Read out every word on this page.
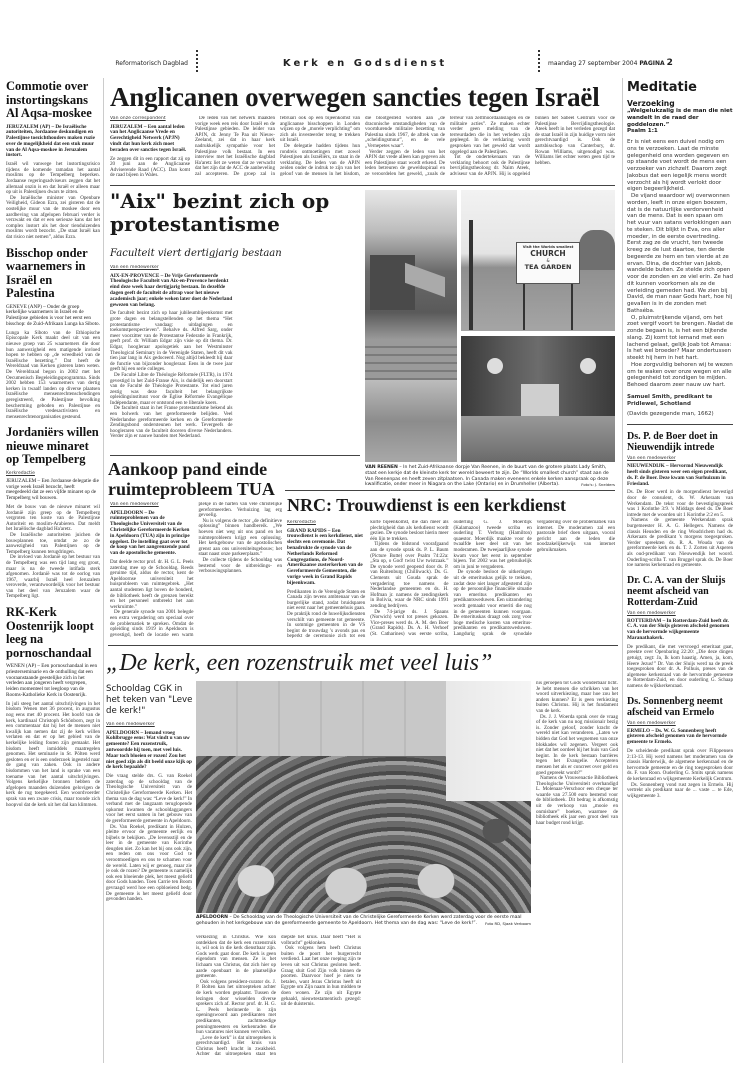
Reformatorisch Dagblad	Kerk en Godsdienst	maandag 27 september 2004
PAGINA
2
Commotie over instortingskans Al Aqsa-moskee
JERUZALEM (AP) – De Israëlische autoriteiten, Jordaanse deskundigen en Palestijnse toezichthouders maken ruzie over de mogelijkheid dat een stuk muur van de Al Aqsa-moskee in Jeruzalem instort.

Israël wil vanwege het instortingsrisico tijdens de komende ramadan het aantal moslims op de Tempelberg beperken. Jordaanse regeringsadviseurs zeggen dat het allemaal onzin is en dat Israël er alleen maar op uit is Palestijnen dwars te zitten.

De Israëlische minister van Openbare Veiligheid, Gideon Ezra, zei gisteren dat de oostelijke muur van de moskee door een aardbeving van afgelopen februari verder is verzwakt en dat er een serieuze kans dat het complex instort als het door tienduizenden moslims wordt bezocht. „De staat Israël kan dat risico niet nemen”, aldus Ezra.

Bisschop onder waarnemers in Israël en Palestina
GENEVE (ANP) – Onder de groep kerkelijke waarnemers in Israël en de Palestijnse gebieden is voor het eerst een bisschop: de Zuid-Afrikaan Lunga ka Siboto.

Lunga ka Siboto van de Ethiopische Episcopale Kerk maakt deel uit van een nieuwe groep van 25 waarnemers die door hun aanwezigheid een matigende invloed hopen te hebben op „de wreedheid van de Israëlische bezetting.” Dat heeft de Wereldraad van Kerken gisteren laten weten. De Wereldraad begon in 2002 met het Oecumenisch Begeleidingsprogramma. Sinds 2002 hebben 153 waarnemers van dertig kerken in twaalf landen op diverse plaatsen Israëlische mensenrechtenschendingen geregistreerd, de Palestijnse bevolking bescherming geboden en Palestijnse en Israëlische vredesactivisten en mensenrechtenorganisaties gesteund.

Jordaniërs willen nieuwe minaret op Tempelberg
Kerkredactie
JERUZALEM – Een Jordaanse delegatie die vorige week Israël bezocht, heeft meegedeeld dat ze een vijfde minaret op de Tempelberg wil bouwen.

Met de bouw van de nieuwe minaret wil Jordanië zijn greep op de Tempelberg vergroten ten koste van de Palestijnse Autoriteit en moslim-Arabieren. Dat meldt het Israëlische dagblad Ha'aretz.

De Israëlische autoriteiten juichen de bouwplannen toe, omdat ze zo de aanwezigheid van Palestijnen op de Tempelberg kunnen terugdringen.

De invloed van Jordanië op het bestuur van de Tempelberg was een tijd lang erg groot, maar is na de tweede intifada sterk afgenomen. Jordanië was tot de oorlog van 1967, waarbij Israël heel Jeruzalem veroverde, verantwoordelijk voor het bestuur van het deel van Jeruzalem waar de Tempelberg ligt.

RK-Kerk Oostenrijk loopt leeg na pornoschandaal
WENEN (AP) – Een pornoschandaal in een priesterseminarie en de onthulling dat een vooraanstaande geestelijke zich in het verleden aan jongeren heeft vergrepen, leiden momenteel tot leegloop van de Rooms-Katholieke Kerk in Oostenrijk.

In juli steeg het aantal uitschrijvingen in het bisdom Wenen met 36 procent, in augustus nog eens met 40 procent. Het hoofd van de kerk, kardinaal Christoph Schönborn, zegt in een commentaar dat hij het de mensen niet kwalijk kan nemen dat zij de kerk willen verlaten en dat er op het gebied van de kerkelijke leiding fouten zijn gemaakt. Het bisdom heeft inmiddels maatregelen genomen. Het seminarie in St. Pölten werd gesloten en er is een onderzoek ingesteld naar de gang van zaken. Ook in andere bisdommen van het land is sprake van een toename van het aantal uitschrijvingen. Volgens kerkelijke bronnen hebben de afgelopen maanden duizenden gelovigen de kerk de rug toegekeerd. Een woordvoerder sprak van een zware crisis, maar toonde zich hoopvol dat de kerk uit het dal kan klimmen.

Anglicanen overwegen sancties tegen Israël
Van onze correspondent
JERUZALEM – Een aantal leden van het Anglicaanse Vrede en Gerechtigheid Netwerk (APJN) vindt dat hun kerk zich moet beraden over sancties tegen Israël.

Ze zeggen dit in een rapport dat zij op 20 juni aan de Anglicaanse Adviserende Raad (ACC). Dan komt de raad bijeen in Wales.

De leden van het netwerk maakten vorige week een reis door Israël en de Palestijnse gebieden. De leider van APJN, dr. Jenny Te Paa uit Nieuw-Zeeland, zei dat in haar kerk nadrukkelijk sympathie voor het Palestijnse volk bestaat. In een interview met het Israëlische dagblad Ha'aretz liet ze weten dat ze verwacht dat het zijn dat de ACC de aanbeveling zal accepteren. De groep zal in februari ook op een bijeenkomst van anglicaanse bisschoppen in Londen wijzen op de „morele verplichting” om zich als investeerder terug te trekken uit Israël.

De delegatie hadden tijdens hun rondreis ontmoetingen met zowel Palestijnen als Israëliërs, zo staat in de verklaring. De leden van de APJN zeiden onder de indruk te zijn van het geloof van de mensen in het bisdom, die blootgesteld worden aan „de draconische omstandigheden van de voortdurende militaire bezetting van Palestina sinds 1967, de aftrek van de „scheidingsmuur”, en de vele „Vernepetes waar”.

Verder zeggen de leden van het APJN dat vrede alleen kan gegeven als een Palestijnse staat wordt erkend. De leden betreuren de geweldsspiraal en ze veroordelen het geweld, „zoals de terreur van zelfmoordaanslagen en de militaire acties”. Ze maken echter verder geen melding van de terreurdaden die in het verleden zijn gepleegd. In de verklaring wordt gesproken van het geweld dat wordt opgelegd aan de Palestijnen.

Tot de ondertekenaars van de verklaring behoort ook de Palestijnse bevrijdingstheoloog dr. Naim Ateek, adviseur van de APJN. Hij is opgeleid binnen het Sabeel Centrum voor de Palestijnse Bevrijdingstheologie. Ateek heeft in het verleden gezegd dat de staat Israël in zijn huidige vorm niet gerechtvaardigd is. Ook de aartsbisschop van Canterbury, dr. Rowan Williams, uitgenodigd was. Williams liet echter weten geen tijd te hebben.

"Aix" bezint zich op protestantisme
Faculteit viert dertigjarig bestaan
Van een medewerker
AIX-EN-PROVENCE – De Vrije Gereformeerde Theologische Faculteit van Aix-en-Provence herdenkt eind deze week haar dertigjarig bestaan. In dezelfde dagen geeft de faculteit de aftrap voor het nieuwe academisch jaar; enkele weken later doet de Nederland gewezen van belang.

De faculteit bezint zich op haar jubileumbijeenkomst met grote dagen en belangstellenden op het thema “Het protestantisme vandaag: uitdagingen en toekomstperspectieven”. Behalve ds. Alfred Sarg, onder meer voorzitter van de Protestantse Federatie in Frankrijk, geeft prof. dr. William Edgar zijn visie op dit thema. Dr. Edgar, hoogleraar apologetiek aan het Westminster Theological Seminary in de Verenigde Staten, heeft dit vak tien jaar lang in Aix gedoceerd. Nog altijd bekleedt hij daar de functie van bijzonder hoogleraar. Eens in de twee jaar geeft hij een serie colleges.

De Faculté Libre de Théologie Réformée (FLTR), in 1974 gevestigd in het Zuid-Franse Aix, is duidelijk een doorstart van de Faculté de Théologie Protestante. Tot eind jaren zestig was deze faculteit het belangrijkste opleidingsinstituut voor de Église Réformée Evangélique Indépendante, maar er ontstond een te liberale koers.

De faculteit staat in het Franse protestantisme bekend als een bolwerk van het gereformeerde belijden. Veel Nederlandse gereformeerde kerken en de Gereformeerde Zendingsbond ondersteunen het werk. Tevergeefs de hoogleraren van de faculteit doceren diverse Nederlanders. Verder zijn er nauwe banden met Nederland.

Visit the Worlds smallest
CHURCH
&
TEA GARDEN
VAN REENEN – In het Zuid-Afrikaanse dorpje Van Reenen, in de buurt van de grotere plaats Lady Smith, staat een kerkje dat de kleinste kerk ter wereld beweert te zijn. De “Worlds smallest church” staat aan de Van Reenenpas en heeft zeven zitplaatsen. In Canada maken eveneens enkele kerken aanspraak op deze kwalificatie, onder meer in Niagara on the Lake (Ontario) en in Drumheller (Alberta).	Foto's: J. Snelders
Aankoop pand einde ruimteprobleem TUA
Van een medewerker
APELDOORN – De ruimteproblemen van de Theologische Universiteit van de Christelijke Gereformeerde Kerken in Apeldoorn (TUA) zijn in principe opgelost. De instelling gaat over tot de koop van het aangrenzende pand van de apostolische gemeente.

Dat deelde rector prof. dr. H. G. L. Peels zaterdag mee op de Schooldag. Reeds geruime tijd, aldus de rector, kent de Apeldoornse universiteit het huisprobleem van ruimtegebrek. „Het aantal studenten ligt boven de honderd, de bibliotheek heeft de grenzen bereikt en het personeel ontbreekt het aan werkruimte.”

De generale synode van 2001 belegde een extra vergadering om speciaal over de problematiek te spreken. Omdat de opleiding sinds 1919 in Apeldoorn is gevestigd, heeft de locatie een warm plekje in de harten van vele christelijke gereformeerden. Verhuizing lag erg gevoelig.

Nu is volgens de rector „de definitieve oplossing” binnen handbereik. „We hoeven niet weg uit ons pand en het ruimteprobleem krijgt een oplossing. Het kerkgebouw van de apostolischen grenst aan ons universiteitsgebouw; het staat naast onze parkeerplaats.”

De collecte tijdens de Schooldag was bestemd voor de uitbreidings- en verbouwingsplannen.

NRC: Trouwdienst is een kerkdienst
Kerkredactie
GRAND RAPIDS – Een trouwdienst is een kerkdienst, niet slechts een ceremonie. Dat benadrukte de synode van de Netherlands Reformed Congregations, de Noord-Amerikaanse zusterkerken van de Gereformeerde Gemeenten, die vorige week in Grand Rapids bijeenkwam.

Predikanten in de Verenigde Staten en Canada zijn tevens ambtenaar van de burgerlijke stand, zodat bruidsparen niet eerst naar het gemeentehuis gaan. De praktijk rond de huwelijksdiensten verschilt van gemeente tot gemeente. In sommige gemeenten in de VS begint de trouwdag 's avonds pas en beperkt de ceremonie zich tot een korte bijeenkomst, die dan meer als plechtigheid dan als kerkdienst wordt gezien. De synode besloot hierin meer één lijn te trekken.

Tijdens de bidstond voorafgaand aan de synode sprak ds. P. L. Baum (Picture Butte) over Psalm 74:22a: „Sta op, o God! twist Uw twistzaak.” De synode werd geopend door ds. P. van Ruitenburg (Chilliwack). Ds. G. Clements uit Gouda sprak de vergadering toe namens de Nederlandse gemeenten en ds. H. Hofman jr. namens de zendingskerk in Bolivia, waar de NRC sinds 1991 zending bedrijven.

De 74-jarige ds. J. Spaans (Norwich) werd tot preses gekozen. Vice-preses werd ds. A. M. den Boer (Grand Rapids). Ds. A. H. Verhoef (St. Catharines) was eerste scriba, ouderling G. J. Moerdijk (Kalamazoo) tweede scriba en ouderling T. Verburg (Hamilton) quaestor. Moerdijk maakte voor de twaalfde keer deel uit van het moderamen. De tweejaarlijkse synode kwam voor het eerst in september bijeen. Tot 2002 was het gebruikelijk om in juni te vergaderen.

De synode besloot de uitkeringen uit de emerituskas gelijk te trekken, zodat deze niet langer afgestemd zijn op de persoonlijke financiële situatie van emeritus predikanten en predikantsweduwen. Een uitzondering wordt gemaakt voor emeriti die nog in de gemeenten kunnen voorgaan. De emerituskas draagt ook zorg voor hoge medische kosten van emeritus-predikanten en predikantsweduwen. Langdurig sprak de synodale vergadering over de problematiek van internet. De moderamen zal een pastorale brief doen uitgaan, vooral gericht aan de leden die noodzakelijkerwijs van internet gebruikmaken.

„De kerk, een rozenstruik met veel luis”
Schooldag CGK in het teken van "Leve de kerk!"
Van een medewerker
APELDOORN – Iemand vroeg Kohlbrugge eens: Wat vindt u van uw gemeente? Een rozenstruik, antwoordde hij toen, met veel luis. Maar toch bloeien er rozen! Zou het niet goed zijn als dit beeld onze kijk op de kerk bepaalde?

Die vraag stelde drs. G. van Roekel zaterdag op de schooldag van de Theologische Universiteit van de Christelijke Gereformeerde Kerken. Het thema van de dag was: “Leve de kerk!” In verband met de langzaam teruglopende opkomst kwamen de schooldaggangers voor het eerst samen in het gebouw van de gereformeerde gemeente in Apeldoorn.

Ds. Van Roekel, predikant in Hulzen, pleitte ervoor de gemeente eerlijk en bijbels te bekijken. „De levensstijl en de leer in de gemeente van Korinthe deugden niet. Zo kan het bij ons ook zijn, een reden om ons voor God te verootmoedigen en ons te schamen voor de wereld. Laten wij er genoeg, maar zie je ook de rozen? De gemeente is namelijk ook een bloeiende plek, het meest geliefd door Gods handen. Toen Carrie ten Boom gevraagd werd hoe een opbloeiend bedg. De gemeente is het meest geliefd door gevonden handen.

APELDOORN – De Schooldag van de Theologische Universiteit van de Christelijke Gereformeerde Kerken werd zaterdag voor de eerste maal gehouden in het kerkgebouw van de gereformeerde gemeente te Apeldoorn. Het thema van de dag was: “Leve de kerk!”. Foto RD, Sjaak Verboom

verkiezing in Christus. Wie kon ontdekken dat de kerk een rozenstruik is, wil ook in die kerk dienstbaar zijn. Gods werk gaat door. De kerk is geen eigendom van mensen. Ze is het lichaam van Christus, dat zich hier op aarde openbaart in de plaatselijke gemeente.

Ook volgens president-curator ds. J. P. Bolten kan het uitroepteken achter de kerk worden geplaatst. Tussen de lezingen door wisselden diverse sprekers zich af. Rector prof. dr. H. G. L. Peels herinnerde in zijn openingswoord aan predikanten met predikanten, zachtmoedige penningmeesters en kerkenraden die hun vacatures niet kunnen vervullen.

„Leve de kerk” is dat uitroepteken is gerechtvaardigd. Het kruis van Christus heeft kracht in zwakheid. Achter dat uitroepteken staat ten diepste het kruis. Daar heeft “Het is volbracht” geklonken.

Ook volgens hem heeft Christus buiten de poort het burgerrecht verdiend. Laat het onze roeping zijn te leven uit wat Christus gesloten heeft. Graag sluit God Zijn volk binnen de poorten. Daarvoor hoef je niets te betalen, want Jezus Christus heeft uit Egypte om Zijn naam in hun midden te doen wonen. Ze zijn uit Egypte gehaald, nieuwtestamentisch gezegd: uit de duisternis.

nis geroepen tot Gods wonderbaar licht. Je hebt mensen die schrikken van het woord uitverkiezing, maar hoe zou het anders kunnen? Er is geen verkiezing buiten Christus. Hij is het fundament van de kerk.

Ds. J. J. Woerda sprak over de vraag of de kerk van nu nog missionair bezig is. Zonder geloof, zonder kracht de wereld niet kan veranderen. „Laten we bidden dat God het wegnemen van onze blokkades wil zegenen. Vergeet ook niet dat het oordeel bij het huis van God begint. In de kerk bestaan barrières tegen het Evangelie. Accepteren mensen het als er concreet over geld en goed gepreekt wordt?”

Namens de Vrouwenactie Bibliotheek Theologische Universiteit overhandigd L. Molenaar-Verschoor een cheque ter waarde van 27.500 euro bestemd voor de bibliotheek. Dit bedrag is afkomstig uit de verkoop van „mooie en onmisbare” boeken, waarmee de bibliotheek elk jaar een groot deel van haar budget rond krijgt.

Meditatie
Verzoeking
„Welgelukzalig is de man die niet wandelt in de raad der goddelozen.”
Psalm 1:1

Er is niet eens een duivel nodig om ons te verzoeken. Laat de minste gelegenheid ons worden gegeven en op staande voet wordt de mens een verzoeker van zichzelf. Daarom zegt Jakobus dat een iegelijk mens wordt verzocht als hij wordt verlokt door eigen begeerlijkheid.

De vijand waardoor wij overwonnen worden, leeft in onze eigen boezem, dat is de natuurlijke verdorvenheid van de mens. Dat is een spaan om het vuur van satans verlokkingen aan te steken. Dit blijkt in Eva, ons aller moeder, in de eerste overtreding. Eerst zag ze de vrucht, ten tweede kreeg ze de lust daartoe, ten derde begeerde ze hem en ten vierde at ze ervan. Dina, de dochter van Jakob, wandelde buiten. Ze stelde zich open voor de zonden en ze viel erin. Ze had dit kunnen voorkomen als ze de verleiding gemeden had. We zien bij David, de man naar Gods hart, hoe hij gevallen is in de zonden met Bathséba.

O, pluimstrijkende vijand, om het zoet vergif voort te brengen. Nadat de zonde begaan is, is het een bijtende slang. Zij komt tot iemand met een lachend gelaat, gelijk Joab tot Amasa: Is het wel broeder? Maar ondertussen steekt hij hem in het hart.

Hoe zorgvuldig behoren wij te wezen om te waken over onze wegen en alle gelegenheid tot zondigen te mijden. Behoed daarom zeer nauw uw hart.

Samuel Smith, predikant te Pridlewel, Schotland

(Davids gezegende man, 1662)

Ds. P. de Boer doet in Nieuwendijk intrede
Van een medewerker
NIEUWENDIJK – Hervormd Nieuwendijk heeft sinds gisteren weer een eigen predikant, ds. P. de Boer. Deze kwam van Surhuizum in Friesland.

Ds. De Boer werd in de morgendienst bevestigd door de consulent, ds. W. Arkeraats van Werkendam. De tekst voor de bevestigingspreek was 1 Korinthe 3:9. 's Middags deed ds. De Boer intrede met de woorden uit 1 Korinthe 2:2 en 5.

Namens de gemeente Werkendam sprak burgemeester H. A. G. Hellegers. Namens de classis Heusden en de ring Woudrichem had ds. Arkeraats de predikant 's morgens toegesproken. Verder spreekten ds. R. A. Wouda van de gereformeerde kerk en ds. T. J. Zorten uit Asperen als oud-predikant van Nieuwendijk het woord. Ouderling-scriba T. van Bruggel sprak ds. De Boer toe namens kerkenraad en gemeente.

Dr. C. A. van der Sluijs neemt afscheid van Rotterdam-Zuid
Van een medewerker
ROTTERDAM – In Rotterdam-Zuid heeft dr. C. A. van der Sluijs gisteren afscheid genomen van de hervormde wijkgemeente Maranathakerk.

De predikant, die met vervroegd emeritaat gaat, preekte over Openbaring 22:20: „Die deze dingen getuigt, zegt: Ja, Ik kom haastig. Amen, ja, kom, Heere Jezus!” Dr. Van der Sluijs werd na de preek toegesproken door dr. A. Polhuis, preses van de algemene kerkenraad van de hervormde gemeente te Rotterdam-Zuid, en door ouderling G. Schaap namens de wijkkerkenraad.

Ds. Sonnenberg neemt afscheid van Ermelo
Van een medewerker
ERMELO – Ds. W. G. Sonnenberg heeft gisteren afscheid genomen van de hervormde gemeente te Ermelo.

De scheidende predikant sprak over Filippensen 2:13-13. Hij werd namens het moderamen van de classis Harderwijk, de algemene kerkenraad en de hervormde gemeente en de ring toegesproken door ds. F. van Roon. Ouderling G. Smits sprak namens de kerkenraad en wijkgemeente Kerkelijk Centrum.

Ds. Sonnenberg vond rust zegen in Ermelo. Hij vertrekt als predikant naar de ... vaste ... te Ede, wijkgemeente 3.
